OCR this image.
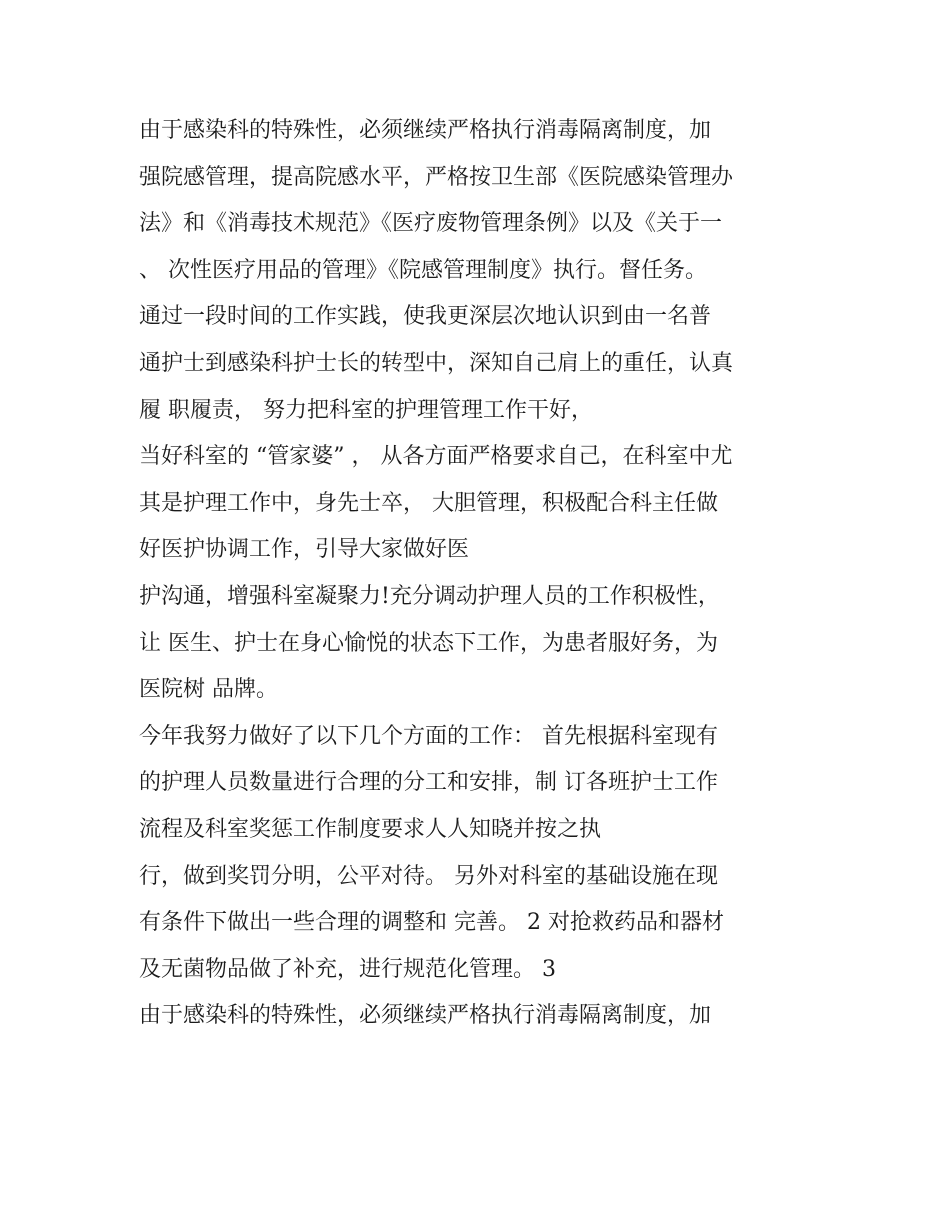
由于感染科的特殊性，必须继续严格执行消毒隔离制度，加
强院感管理，提高院感水平，严格按卫生部《医院感染管理办
法》和《消毒技术规范》《医疗废物管理条例》以及《关于一
、 次性医疗用品的管理》《院感管理制度》执行。督任务。
通过一段时间的工作实践，使我更深层次地认识到由一名普
通护士到感染科护士长的转型中，深知自己肩上的重任，认真
履 职履责， 努力把科室的护理管理工作干好，
当好科室的 “管家婆” ， 从各方面严格要求自己，在科室中尤
其是护理工作中，身先士卒， 大胆管理，积极配合科主任做
好医护协调工作，引导大家做好医
护沟通，增强科室凝聚力!充分调动护理人员的工作积极性，
让 医生、护士在身心愉悦的状态下工作，为患者服好务，为
医院树 品牌。
今年我努力做好了以下几个方面的工作： 首先根据科室现有
的护理人员数量进行合理的分工和安排，制 订各班护士工作
流程及科室奖惩工作制度要求人人知晓并按之执
行，做到奖罚分明，公平对待。 另外对科室的基础设施在现
有条件下做出一些合理的调整和 完善。 2 对抢救药品和器材
及无菌物品做了补充，进行规范化管理。 3
由于感染科的特殊性，必须继续严格执行消毒隔离制度，加
